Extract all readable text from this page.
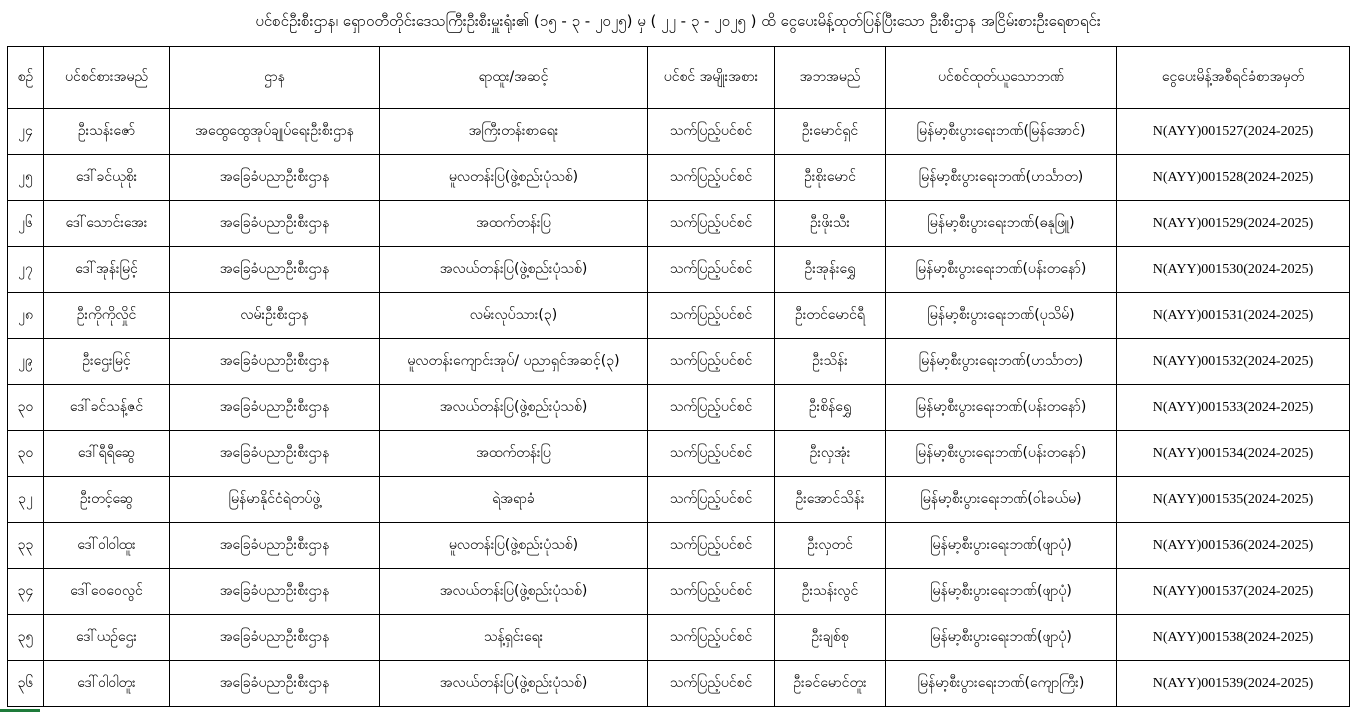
ပင်စင်ဦးစီးဌာန၊ ရှောဝတီတိုင်းဒေသကြီးဦးစီးမှူးရုံး၏ (၁၅ - ၃ - ၂၀၂၅) မှ ( ၂၂ - ၃ - ၂၀၂၅ ) ထိ ငွေပေးမိန့်ထုတ်ပြန်ပြီးသော ဦးစီးဌာန အငြိမ်းစားဦးရေစာရင်း
စဉ်	ပင်စင်စားအမည်	ဌာန	ရာထူး/အဆင့်	ပင်စင် အမျိုးအစား	အဘအမည်	ပင်စင်ထုတ်ယူသောဘဏ်	ငွေပေးမိန့်အစီရင်ခံစာအမှတ်
၂၄	ဦးသန်းဇော်	အထွေထွေအုပ်ချုပ်ရေးဦးစီးဌာန	အကြီးတန်းစာရေး	သက်ပြည့်ပင်စင်	ဦးမောင်ရှင်	မြန်မာ့စီးပွားရေးဘဏ်(မြန်အောင်)	N(AYY)001527(2024-2025)
၂၅	ဒေါ်ခင်ယုစိုး	အခြေခံပညာဦးစီးဌာန	မူလတန်းပြ(ဖွဲ့စည်းပုံသစ်)	သက်ပြည့်ပင်စင်	ဦးစိုးမောင်	မြန်မာ့စီးပွားရေးဘဏ်(ဟင်္သာတ)	N(AYY)001528(2024-2025)
၂၆	ဒေါ်သောင်းအေး	အခြေခံပညာဦးစီးဌာန	အထက်တန်းပြ	သက်ပြည့်ပင်စင်	ဦးဖိုးသီး	မြန်မာ့စီးပွားရေးဘဏ်(ဓနုဖြူ)	N(AYY)001529(2024-2025)
၂၇	ဒေါ်အုန်းမြင့်	အခြေခံပညာဦးစီးဌာန	အလယ်တန်းပြ(ဖွဲ့စည်းပုံသစ်)	သက်ပြည့်ပင်စင်	ဦးအုန်းရွှေ	မြန်မာ့စီးပွားရေးဘဏ်(ပန်းတနော်)	N(AYY)001530(2024-2025)
၂၈	ဦးကိုကိုလှိုင်	လမ်းဦးစီးဌာန	လမ်းလုပ်သား(၃)	သက်ပြည့်ပင်စင်	ဦးတင်မောင်ရီ	မြန်မာ့စီးပွားရေးဘဏ်(ပုသိမ်)	N(AYY)001531(2024-2025)
၂၉	ဦးဌေးမြင့်	အခြေခံပညာဦးစီးဌာန	မူလတန်းကျောင်းအုပ်/ ပညာရှင်အဆင့်(၃)	သက်ပြည့်ပင်စင်	ဦးသိန်း	မြန်မာ့စီးပွားရေးဘဏ်(ဟင်္သာတ)	N(AYY)001532(2024-2025)
၃၀	ဒေါ်ခင်သန့်ဇင်	အခြေခံပညာဦးစီးဌာန	အလယ်တန်းပြ(ဖွဲ့စည်းပုံသစ်)	သက်ပြည့်ပင်စင်	ဦးစိန်ရွှေ	မြန်မာ့စီးပွားရေးဘဏ်(ပန်းတနော်)	N(AYY)001533(2024-2025)
၃၀	ဒေါ်ရီရီဆွေ	အခြေခံပညာဦးစီးဌာန	အထက်တန်းပြ	သက်ပြည့်ပင်စင်	ဦးလှအုံး	မြန်မာ့စီးပွားရေးဘဏ်(ပန်းတနော်)	N(AYY)001534(2024-2025)
၃၂	ဦးတင့်ဆွေ	မြန်မာနိုင်ငံရဲတပ်ဖွဲ့	ရဲအရာခံ	သက်ပြည့်ပင်စင်	ဦးအောင်သိန်း	မြန်မာ့စီးပွားရေးဘဏ်(ဝါးခယ်မ)	N(AYY)001535(2024-2025)
၃၃	ဒေါ်ဝါဝါထူး	အခြေခံပညာဦးစီးဌာန	မူလတန်းပြ(ဖွဲ့စည်းပုံသစ်)	သက်ပြည့်ပင်စင်	ဦးလှတင်	မြန်မာ့စီးပွားရေးဘဏ်(ဖျာပုံ)	N(AYY)001536(2024-2025)
၃၄	ဒေါ်ဝေဝေလွင်	အခြေခံပညာဦးစီးဌာန	အလယ်တန်းပြ(ဖွဲ့စည်းပုံသစ်)	သက်ပြည့်ပင်စင်	ဦးသန်းလွင်	မြန်မာ့စီးပွားရေးဘဏ်(ဖျာပုံ)	N(AYY)001537(2024-2025)
၃၅	ဒေါ်ယဉ်ဌေး	အခြေခံပညာဦးစီးဌာန	သန့်ရှင်းရေး	သက်ပြည့်ပင်စင်	ဦးချစ်စု	မြန်မာ့စီးပွားရေးဘဏ်(ဖျာပုံ)	N(AYY)001538(2024-2025)
၃၆	ဒေါ်ဝါဝါတူး	အခြေခံပညာဦးစီးဌာန	အလယ်တန်းပြ(ဖွဲ့စည်းပုံသစ်)	သက်ပြည့်ပင်စင်	ဦးခင်မောင်တူး	မြန်မာ့စီးပွားရေးဘဏ်(ကျောကြီး)	N(AYY)001539(2024-2025)
